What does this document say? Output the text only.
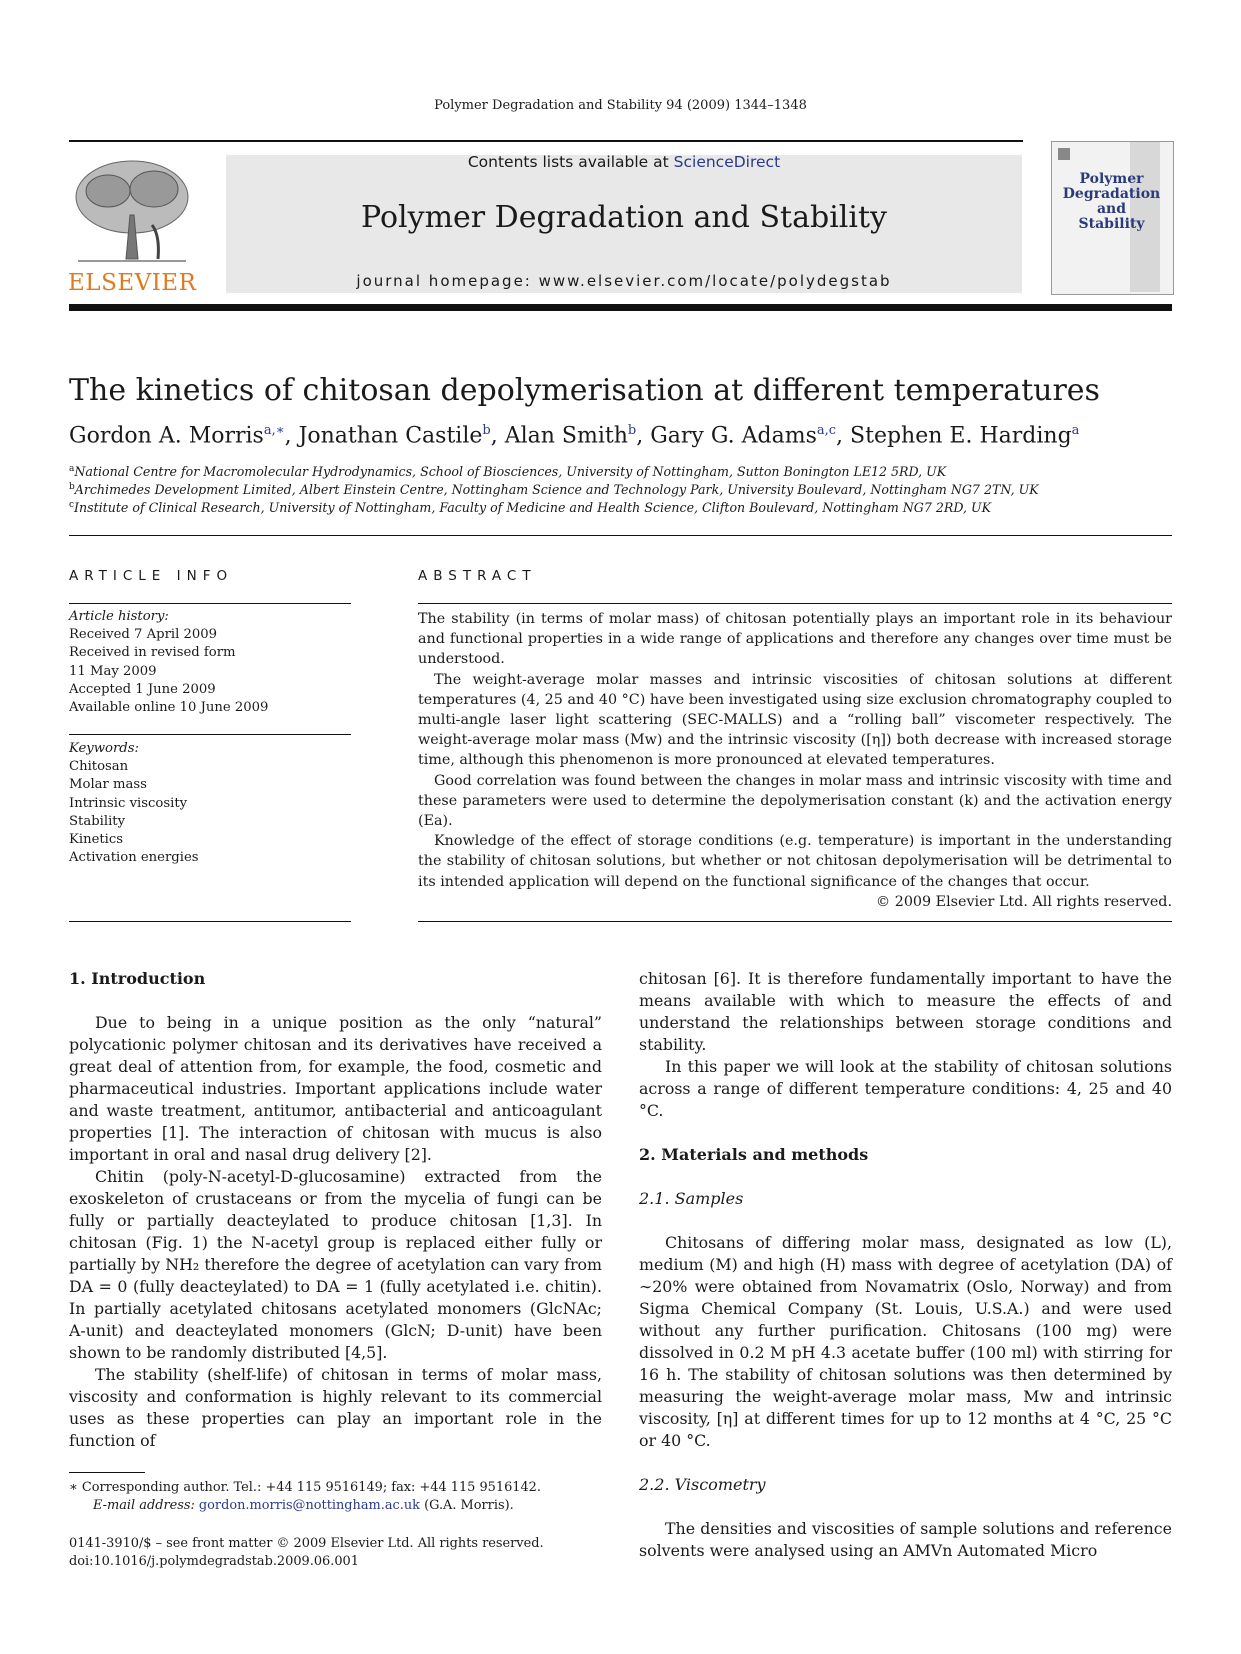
Polymer Degradation and Stability 94 (2009) 1344–1348
ELSEVIER
Contents lists available at ScienceDirect
Polymer Degradation and Stability
journal homepage: www.elsevier.com/locate/polydegstab
Polymer
Degradation
and
Stability
The kinetics of chitosan depolymerisation at different temperatures
Gordon A. Morris$^{a,∗}$, Jonathan Castile$^b$, Alan Smith$^b$, Gary G. Adams$^{a,c}$, Stephen E. Harding$^a$
$^a$National Centre for Macromolecular Hydrodynamics, School of Biosciences, University of Nottingham, Sutton Bonington LE12 5RD, UK
$^b$Archimedes Development Limited, Albert Einstein Centre, Nottingham Science and Technology Park, University Boulevard, Nottingham NG7 2TN, UK
$^c$Institute of Clinical Research, University of Nottingham, Faculty of Medicine and Health Science, Clifton Boulevard, Nottingham NG7 2RD, UK
ARTICLE INFO
Article history:
Received 7 April 2009
Received in revised form
11 May 2009
Accepted 1 June 2009
Available online 10 June 2009
Keywords:
Chitosan
Molar mass
Intrinsic viscosity
Stability
Kinetics
Activation energies
ABSTRACT

The stability (in terms of molar mass) of chitosan potentially plays an important role in its behaviour and functional properties in a wide range of applications and therefore any changes over time must be understood.

The weight-average molar masses and intrinsic viscosities of chitosan solutions at different temperatures (4, 25 and 40 °C) have been investigated using size exclusion chromatography coupled to multi-angle laser light scattering (SEC-MALLS) and a “rolling ball” viscometer respectively. The weight-average molar mass (Mw) and the intrinsic viscosity ([η]) both decrease with increased storage time, although this phenomenon is more pronounced at elevated temperatures.

Good correlation was found between the changes in molar mass and intrinsic viscosity with time and these parameters were used to determine the depolymerisation constant (k) and the activation energy (Ea).

Knowledge of the effect of storage conditions (e.g. temperature) is important in the understanding the stability of chitosan solutions, but whether or not chitosan depolymerisation will be detrimental to its intended application will depend on the functional significance of the changes that occur.

© 2009 Elsevier Ltd. All rights reserved.
1. Introduction

Due to being in a unique position as the only “natural” polycationic polymer chitosan and its derivatives have received a great deal of attention from, for example, the food, cosmetic and pharmaceutical industries. Important applications include water and waste treatment, antitumor, antibacterial and anticoagulant properties [1]. The interaction of chitosan with mucus is also important in oral and nasal drug delivery [2].

Chitin (poly-N-acetyl-D-glucosamine) extracted from the exoskeleton of crustaceans or from the mycelia of fungi can be fully or partially deacteylated to produce chitosan [1,3]. In chitosan (Fig. 1) the N-acetyl group is replaced either fully or partially by NH₂ therefore the degree of acetylation can vary from DA = 0 (fully deacteylated) to DA = 1 (fully acetylated i.e. chitin). In partially acetylated chitosans acetylated monomers (GlcNAc; A-unit) and deacteylated monomers (GlcN; D-unit) have been shown to be randomly distributed [4,5].

The stability (shelf-life) of chitosan in terms of molar mass, viscosity and conformation is highly relevant to its commercial uses as these properties can play an important role in the function of

chitosan [6]. It is therefore fundamentally important to have the means available with which to measure the effects of and understand the relationships between storage conditions and stability.

In this paper we will look at the stability of chitosan solutions across a range of different temperature conditions: 4, 25 and 40 °C.

2. Materials and methods
2.1. Samples

Chitosans of differing molar mass, designated as low (L), medium (M) and high (H) mass with degree of acetylation (DA) of ∼20% were obtained from Novamatrix (Oslo, Norway) and from Sigma Chemical Company (St. Louis, U.S.A.) and were used without any further purification. Chitosans (100 mg) were dissolved in 0.2 M pH 4.3 acetate buffer (100 ml) with stirring for 16 h. The stability of chitosan solutions was then determined by measuring the weight-average molar mass, Mw and intrinsic viscosity, [η] at different times for up to 12 months at 4 °C, 25 °C or 40 °C.

2.2. Viscometry

The densities and viscosities of sample solutions and reference solvents were analysed using an AMVn Automated Micro

∗ Corresponding author. Tel.: +44 115 9516149; fax: +44 115 9516142.
E-mail address: gordon.morris@nottingham.ac.uk (G.A. Morris).
0141-3910/$ – see front matter © 2009 Elsevier Ltd. All rights reserved.
doi:10.1016/j.polymdegradstab.2009.06.001
